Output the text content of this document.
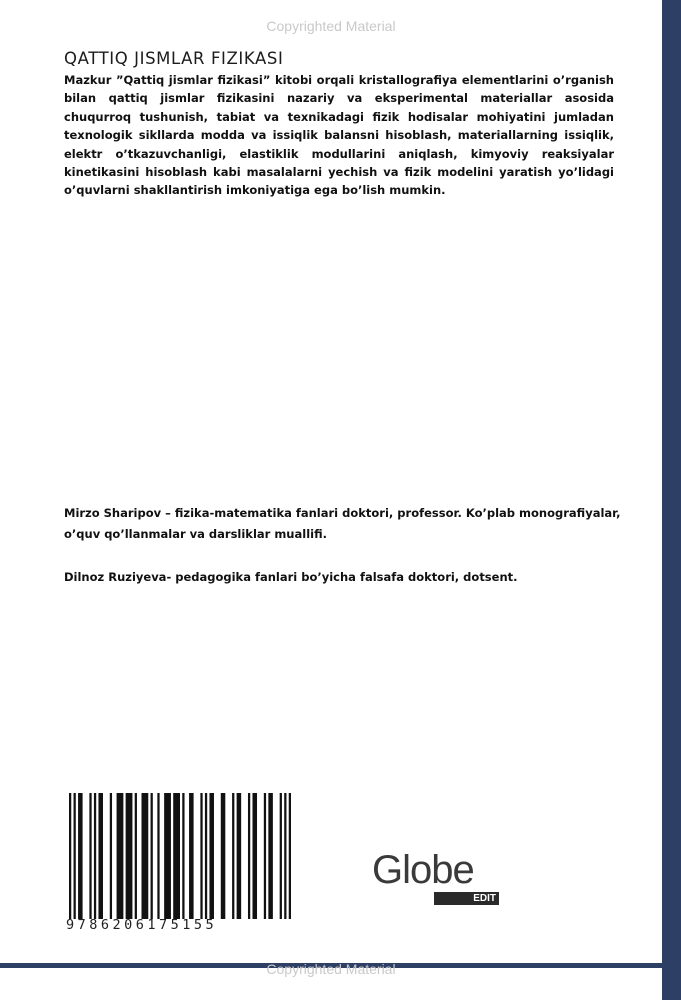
Copyrighted Material
QATTIQ JISMLAR FIZIKASI
Mazkur ”Qattiq jismlar fizikasi” kitobi orqali kristallografiya elementlarini o’rganish bilan qattiq jismlar fizikasini nazariy va eksperimental materiallar asosida chuqurroq tushunish, tabiat va texnikadagi fizik hodisalar mohiyatini jumladan texnologik sikllarda modda va issiqlik balansni hisoblash, materiallarning issiqlik, elektr o’tkazuvchanligi, elastiklik modullarini aniqlash, kimyoviy reaksiyalar kinetikasini hisoblash kabi masalalarni yechish va fizik modelini yaratish yo’lidagi o’quvlarni shakllantirish imkoniyatiga ega bo’lish mumkin.
Mirzo Sharipov – fizika-matematika fanlari doktori, professor. Ko’plab monografiyalar, o’quv qo’llanmalar va darsliklar muallifi.
Dilnoz Ruziyeva- pedagogika fanlari bo’yicha falsafa doktori, dotsent.
9786206175155
Globe
EDIT
Copyrighted Material
